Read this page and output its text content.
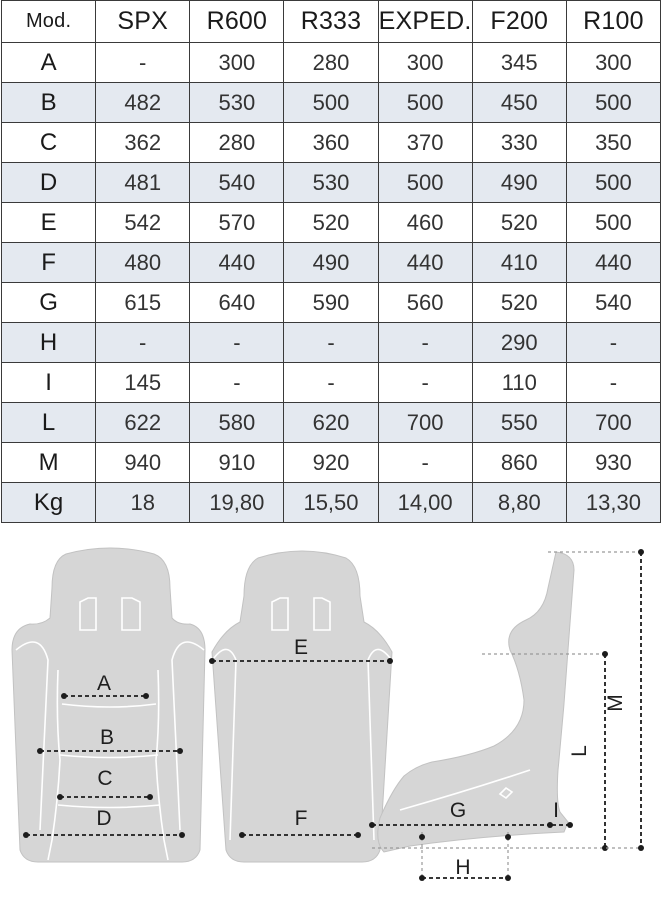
Mod.	SPX	R600	R333	EXPED.	F200	R100
A	-	300	280	300	345	300
B	482	530	500	500	450	500
C	362	280	360	370	330	350
D	481	540	530	500	490	500
E	542	570	520	460	520	500
F	480	440	490	440	410	440
G	615	640	590	560	520	540
H	-	-	-	-	290	-
I	145	-	-	-	110	-
L	622	580	620	700	550	700
M	940	910	920	-	860	930
Kg	18	19,80	15,50	14,00	8,80	13,30
A
B
C
D
E
F	G	I
H
L
M
